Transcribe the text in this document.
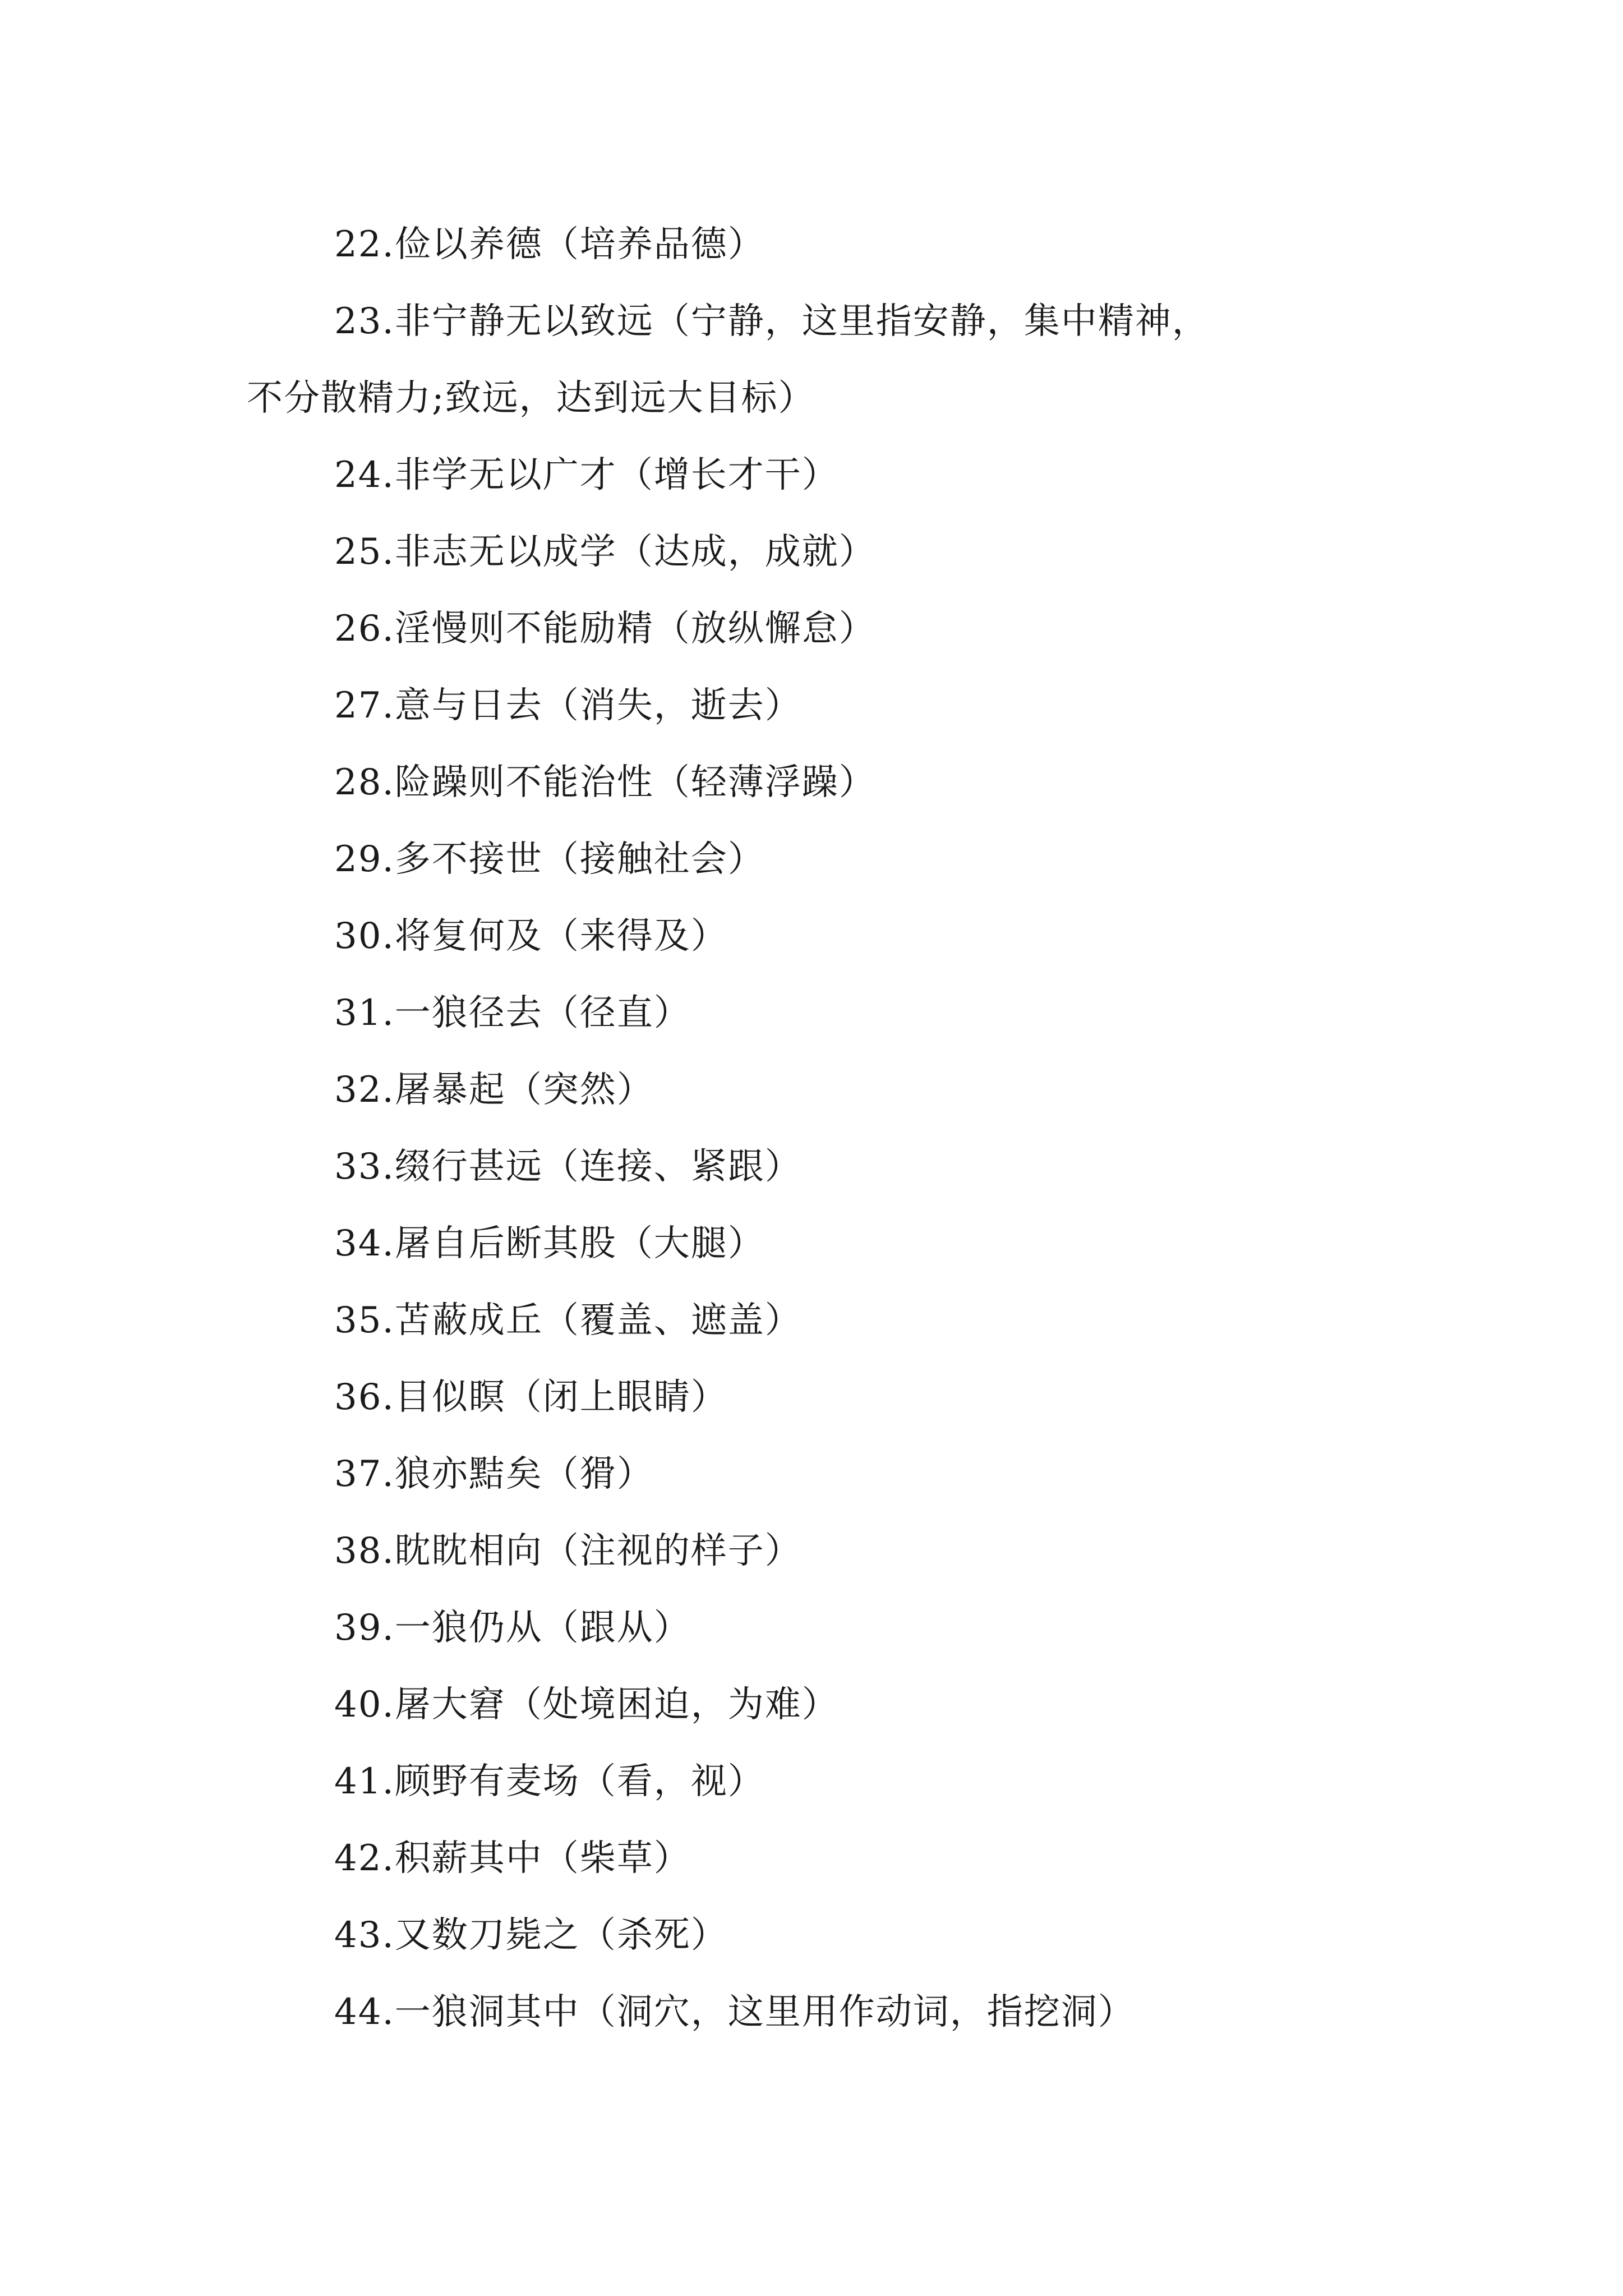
22.俭以养德（培养品德）
23.非宁静无以致远（宁静，这里指安静，集中精神，
不分散精力;致远，达到远大目标）
24.非学无以广才（增长才干）
25.非志无以成学（达成，成就）
26.淫慢则不能励精（放纵懈怠）
27.意与日去（消失，逝去）
28.险躁则不能治性（轻薄浮躁）
29.多不接世（接触社会）
30.将复何及（来得及）
31.一狼径去（径直）
32.屠暴起（突然）
33.缀行甚远（连接、紧跟）
34.屠自后断其股（大腿）
35.苫蔽成丘（覆盖、遮盖）
36.目似瞑（闭上眼睛）
37.狼亦黠矣（猾）
38.眈眈相向（注视的样子）
39.一狼仍从（跟从）
40.屠大窘（处境困迫，为难）
41.顾野有麦场（看，视）
42.积薪其中（柴草）
43.又数刀毙之（杀死）
44.一狼洞其中（洞穴，这里用作动词，指挖洞）
